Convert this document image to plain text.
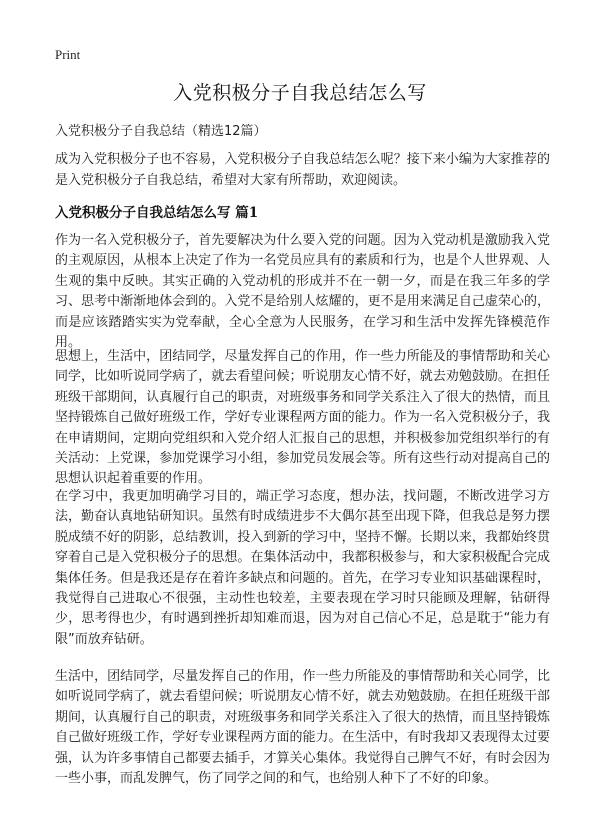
Print
入党积极分子自我总结怎么写
入党积极分子自我总结（精选12篇）

成为入党积极分子也不容易，入党积极分子自我总结怎么呢？接下来小编为大家推荐的是入党积极分子自我总结，希望对大家有所帮助，欢迎阅读。

入党积极分子自我总结怎么写 篇1

作为一名入党积极分子，首先要解决为什么要入党的问题。因为入党动机是激励我入党的主观原因，从根本上决定了作为一名党员应具有的素质和行为，也是个人世界观、人生观的集中反映。其实正确的入党动机的形成并不在一朝一夕，而是在我三年多的学习、思考中渐渐地体会到的。入党不是给别人炫耀的，更不是用来满足自己虚荣心的，而是应该踏踏实实为党奉献，全心全意为人民服务，在学习和生活中发挥先锋模范作用。

思想上，生活中，团结同学，尽量发挥自己的作用，作一些力所能及的事情帮助和关心同学，比如听说同学病了，就去看望问候；听说朋友心情不好，就去劝勉鼓励。在担任班级干部期间，认真履行自己的职责，对班级事务和同学关系注入了很大的热情，而且坚持锻炼自己做好班级工作，学好专业课程两方面的能力。作为一名入党积极分子，我在申请期间，定期向党组织和入党介绍人汇报自己的思想，并积极参加党组织举行的有关活动：上党课，参加党课学习小组，参加党员发展会等。所有这些行动对提高自己的思想认识起着重要的作用。

在学习中，我更加明确学习目的，端正学习态度，想办法，找问题，不断改进学习方法，勤奋认真地钻研知识。虽然有时成绩进步不大偶尔甚至出现下降，但我总是努力摆脱成绩不好的阴影，总结教训，投入到新的学习中，坚持不懈。长期以来，我都始终贯穿着自己是入党积极分子的思想。在集体活动中，我都积极参与，和大家积极配合完成集体任务。但是我还是存在着许多缺点和问题的。首先，在学习专业知识基础课程时，我觉得自己进取心不很强，主动性也较差，主要表现在学习时只能顾及理解，钻研得少，思考得也少，有时遇到挫折却知难而退，因为对自己信心不足，总是耽于“能力有限”而放弃钻研。

生活中，团结同学，尽量发挥自己的作用，作一些力所能及的事情帮助和关心同学，比如听说同学病了，就去看望问候；听说朋友心情不好，就去劝勉鼓励。在担任班级干部期间，认真履行自己的职责，对班级事务和同学关系注入了很大的热情，而且坚持锻炼自己做好班级工作，学好专业课程两方面的能力。在生活中，有时我却又表现得太过要强，认为许多事情自己都要去插手，才算关心集体。我觉得自己脾气不好，有时会因为一些小事，而乱发脾气，伤了同学之间的和气，也给别人种下了不好的印象。
